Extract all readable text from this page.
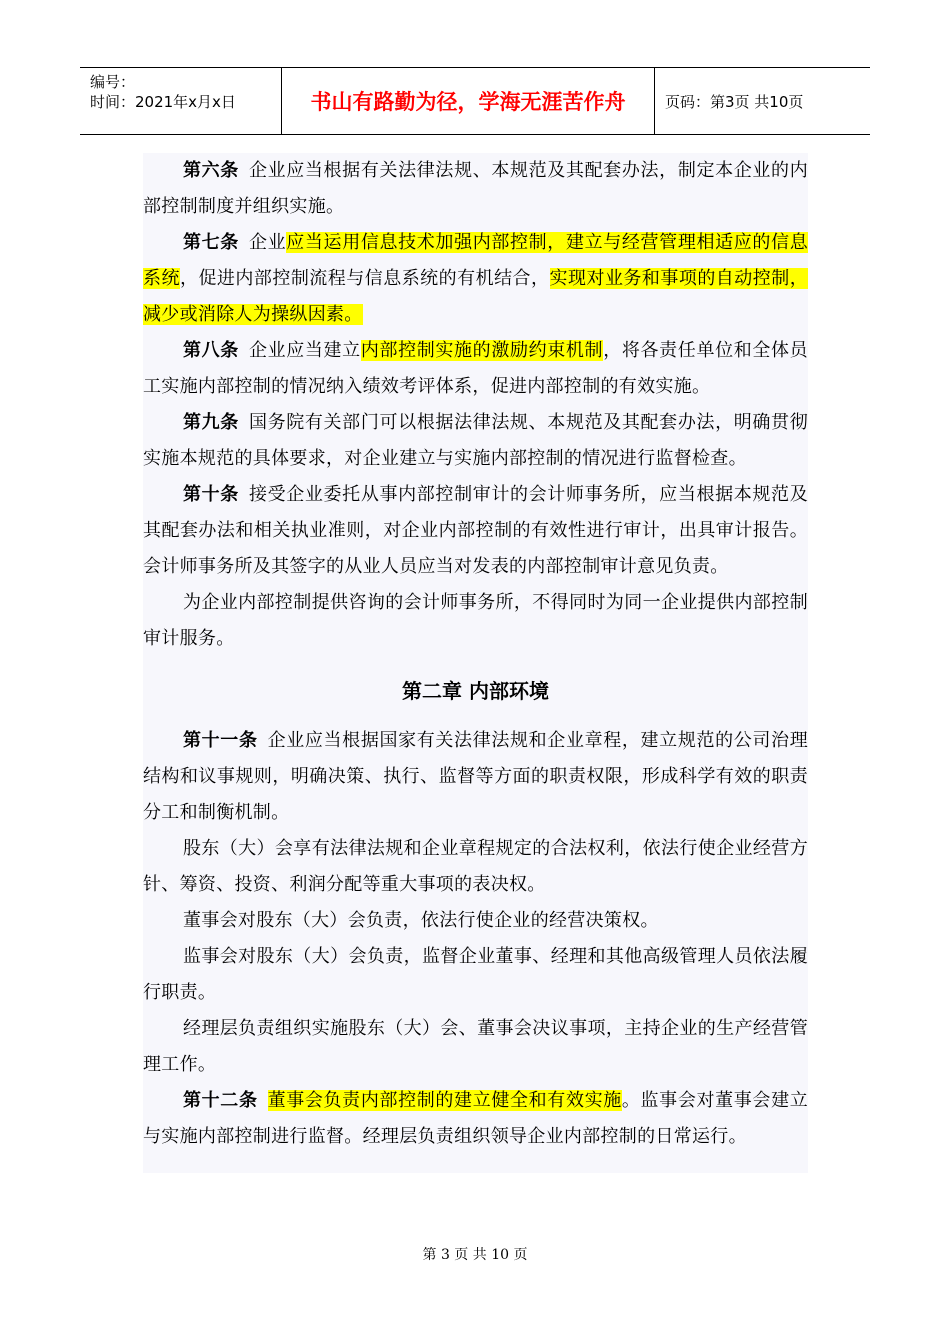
编号：
时间：2021年x月x日	书山有路勤为径，学海无涯苦作舟	页码：第3页 共10页

第六条 企业应当根据有关法律法规、本规范及其配套办法，制定本企业的内部控制制度并组织实施。

第七条 企业应当运用信息技术加强内部控制，建立与经营管理相适应的信息系统，促进内部控制流程与信息系统的有机结合，实现对业务和事项的自动控制，减少或消除人为操纵因素。

第八条 企业应当建立内部控制实施的激励约束机制，将各责任单位和全体员工实施内部控制的情况纳入绩效考评体系，促进内部控制的有效实施。

第九条 国务院有关部门可以根据法律法规、本规范及其配套办法，明确贯彻实施本规范的具体要求，对企业建立与实施内部控制的情况进行监督检查。

第十条 接受企业委托从事内部控制审计的会计师事务所，应当根据本规范及其配套办法和相关执业准则，对企业内部控制的有效性进行审计，出具审计报告。会计师事务所及其签字的从业人员应当对发表的内部控制审计意见负责。

为企业内部控制提供咨询的会计师事务所，不得同时为同一企业提供内部控制审计服务。

第二章 内部环境

第十一条 企业应当根据国家有关法律法规和企业章程，建立规范的公司治理结构和议事规则，明确决策、执行、监督等方面的职责权限，形成科学有效的职责分工和制衡机制。

股东（大）会享有法律法规和企业章程规定的合法权利，依法行使企业经营方针、筹资、投资、利润分配等重大事项的表决权。

董事会对股东（大）会负责，依法行使企业的经营决策权。

监事会对股东（大）会负责，监督企业董事、经理和其他高级管理人员依法履行职责。

经理层负责组织实施股东（大）会、董事会决议事项，主持企业的生产经营管理工作。

第十二条 董事会负责内部控制的建立健全和有效实施。监事会对董事会建立与实施内部控制进行监督。经理层负责组织领导企业内部控制的日常运行。

第 3 页 共 10 页
